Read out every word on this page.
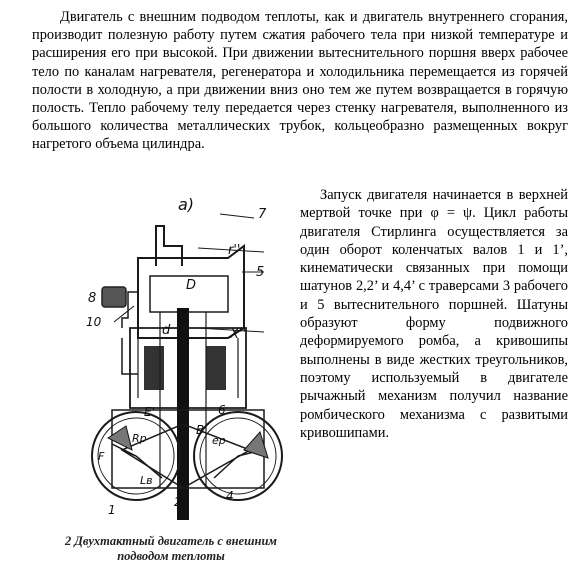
Двигатель с внешним подводом теплоты, как и двигатель внутреннего сгорания, производит полезную работу путем сжатия рабочего тела при низкой температуре и расширения его при высокой. При движении вытеснительного поршня вверх рабочее тело по каналам нагревателя, регенератора и холодильника перемещается из горячей полости в холодную, а при движении вниз оно тем же путем возвращается в горячую полость. Тепло рабочему телу передается через стенку нагревателя, выполненного из большого количества металлических трубок, кольцеобразно размещенных вокруг нагретого объема цилиндра.

а)
D
7
r''
5
8
10
d	X''
E'	6
B
eр
Rp
Lв
2	4
1
F
2 Двухтактный двигатель с внешним подводом теплоты

Запуск двигателя начинается в верхней мертвой точке при φ = ψ. Цикл работы двигателя Стирлинга осуществляется за один оборот коленчатых валов 1 и 1’, кинематически связанных при помощи шатунов 2,2’ и 4,4’ с траверсами 3 рабочего и 5 вытеснительного поршней. Шатуны образуют форму подвижного деформируемого ромба, а кривошипы выполнены в виде жестких треугольников, поэтому используемый в двигателе рычажный механизм получил название ромбического механизма с развитыми кривошипами.
